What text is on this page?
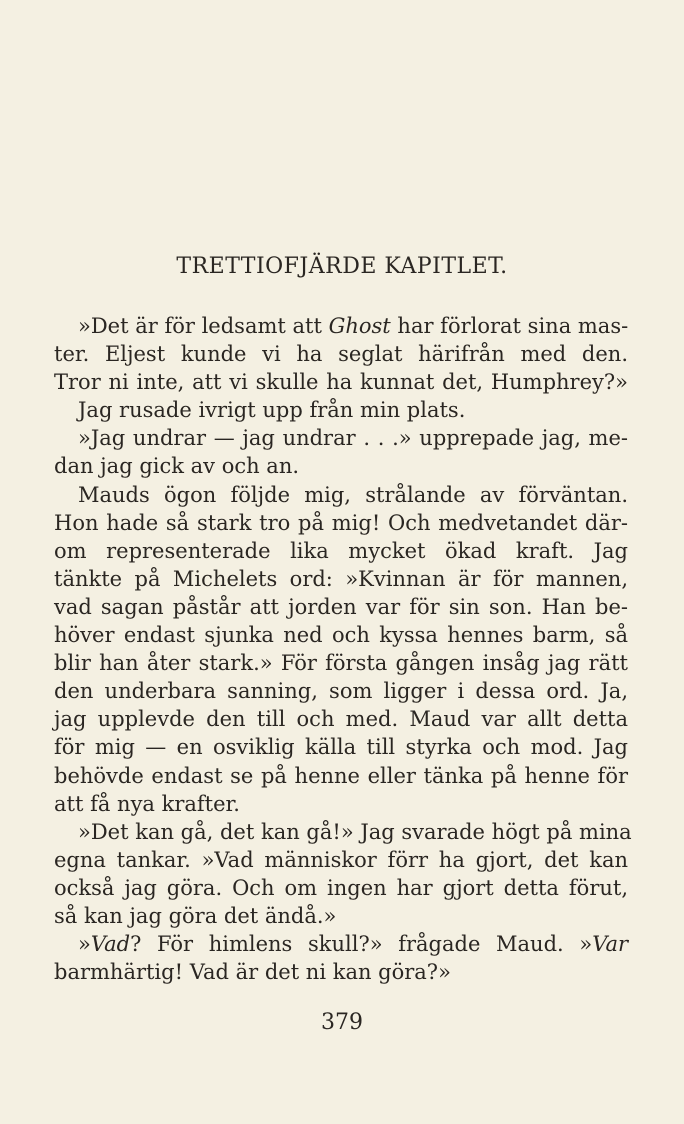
TRETTIOFJÄRDE KAPITLET.
»Det är för ledsamt att Ghost har förlorat sina mas-
ter. Eljest kunde vi ha seglat härifrån med den.
Tror ni inte, att vi skulle ha kunnat det, Humphrey?»
Jag rusade ivrigt upp från min plats.
»Jag undrar — jag undrar . . .» upprepade jag, me-
dan jag gick av och an.
Mauds ögon följde mig, strålande av förväntan.
Hon hade så stark tro på mig! Och medvetandet där-
om representerade lika mycket ökad kraft. Jag
tänkte på Michelets ord: »Kvinnan är för mannen,
vad sagan påstår att jorden var för sin son. Han be-
höver endast sjunka ned och kyssa hennes barm, så
blir han åter stark.» För första gången insåg jag rätt
den underbara sanning, som ligger i dessa ord. Ja,
jag upplevde den till och med. Maud var allt detta
för mig — en osviklig källa till styrka och mod. Jag
behövde endast se på henne eller tänka på henne för
att få nya krafter.
»Det kan gå, det kan gå!» Jag svarade högt på mina
egna tankar. »Vad människor förr ha gjort, det kan
också jag göra. Och om ingen har gjort detta förut,
så kan jag göra det ändå.»
»Vad? För himlens skull?» frågade Maud. »Var
barmhärtig! Vad är det ni kan göra?»
379
